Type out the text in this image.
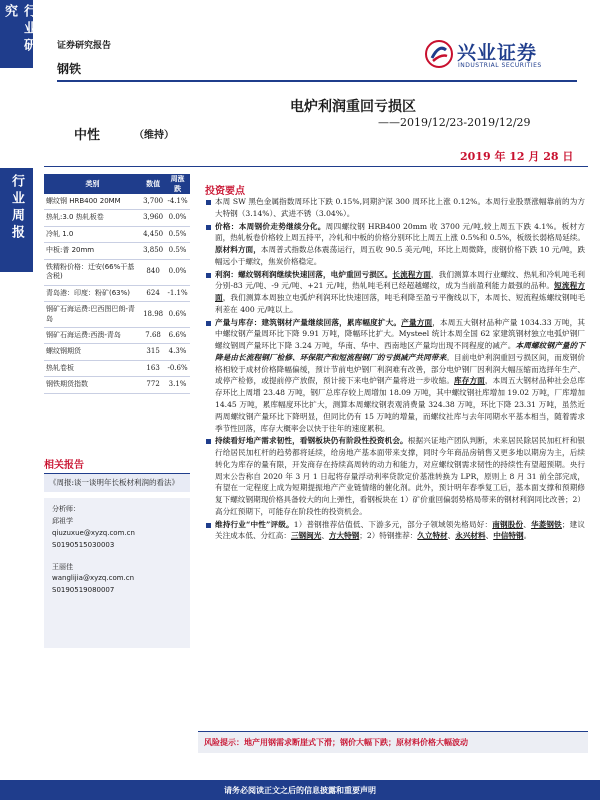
行业研究
行业周报
证券研究报告
钢铁
兴业证券
INDUSTRIAL SECURITIES
电炉利润重回亏损区
——2019/12/23-2019/12/29
中性	（维持）
2019 年 12 月 28 日
类别	数值	周涨跌
螺纹钢 HRB400 20MM	3,700	-4.1%
热轧:3.0 热轧板卷	3,960	0.0%
冷轧 1.0	4,450	0.5%
中板:普 20mm	3,850	0.5%
铁精粉价格：迁安(66%干基含税)	840	0.0%
青岛港：印度：粉矿(63%)	624	-1.1%
钢矿石海运费:巴西图巴朗-青岛	18.98	0.6%
钢矿石海运费:西澳-青岛	7.68	6.6%
螺纹钢期货	315	4.3%
热轧卷板	163	-0.6%
钢铁期货指数	772	3.1%
相关报告
《周报:谈一谈明年长板材利润的看法》
分析师：
邱祖学
qiuzuxue@xyzq.com.cn
S0190515030003
王丽佳
wanglijia@xyzq.com.cn
S0190519080007
投资要点
本周 SW 黑色金属指数周环比下跌 0.15%,同期沪深 300 周环比上涨 0.12%。本周行业股票涨幅靠前的为方大特钢（3.14%）、武进不锈（3.04%）。
价格：本周钢价走势继续分化。周四螺纹钢 HRB400 20mm 收 3700 元/吨,较上周五下跌 4.1%。板材方面，热轧板卷价格较上周五持平，冷轧和中板的价格分别环比上周五上涨 0.5%和 0.5%，板级长弱格局延续。原材料方面，本周普式指数总体震荡运行，周五收 90.5 美元/吨，环比上周微降，废钢价格下跌 10 元/吨，跌幅远小于螺纹，焦炭价格稳定。
利润：螺纹钢利润继续快速回落，电炉重回亏损区。长流程方面，我们测算本周行业螺纹、热轧和冷轧吨毛利分别-83 元/吨、-9 元/吨、+21 元/吨，热轧吨毛利已经超越螺纹，成为当前盈利能力最强的品种。短流程方面，我们测算本周独立电弧炉利润环比快速回落，吨毛利降至盈亏平衡线以下，本周长、短流程炼螺纹钢吨毛利差在 400 元/吨以上。
产量与库存：建筑钢材产量继续回落，累库幅度扩大。产量方面，本周五大钢材品种产量 1034.33 万吨，其中螺纹钢产量周环比下降 9.91 万吨，降幅环比扩大。Mysteel 统计本周全国 62 家建筑钢材独立电弧炉钢厂螺纹钢周产量环比下降 3.24 万吨，华南、华中、西南地区产量均出现不同程度的减产。本周螺纹钢产量的下降是由长流程钢厂检修、环保限产和短流程钢厂的亏损减产共同带来。目前电炉利润重回亏损区间，而废钢价格相较于成材价格降幅偏缓，预计节前电炉钢厂利润难有改善，部分电炉钢厂因利润大幅压缩而选择年生产、或停产检修，或提前停产放假，预计接下来电炉钢产量将进一步收缩。库存方面，本周五大钢材品种社会总库存环比上周增 23.48 万吨，钢厂总库存较上周增加 18.09 万吨，其中螺纹钢社库增加 19.02 万吨，厂库增加 14.45 万吨，累库幅度环比扩大，测算本周螺纹钢表观消费量 324.38 万吨，环比下降 23.31 万吨，虽然近两周螺纹钢产量环比下降明显，但同比仍有 15 万吨的增量，而螺纹社库与去年同期水平基本相当，随着需求季节性回落，库存大概率会以快于往年的速度累积。
持续看好地产需求韧性，看钢板块仍有阶段性投资机会。根据兴证地产团队判断，未来居民除居民加杠杆和银行给居民加杠杆的趋势都将延续，给房地产基本面带来支撑，同时今年商品房销售又更多地以期房为主，后续转化为库存的量有限，开发商存在持续高周转的动力和能力，对应螺纹钢需求韧性的持续性有望超预期。央行周末公告称自 2020 年 3 月 1 日起将存量浮动利率贷款定价基准转换为 LPR，原则上 8 月 31 前全部完成，有望在一定程度上成为短期提振地产产业链情绪的催化剂。此外，预计明年春季复工后，基本面支撑和预期修复下螺纹钢期现价格具备较大的向上弹性，看钢板块在 1）矿价重回偏弱势格局带来的钢材利润同比改善；2）高分红预期下，可能存在阶段性的投资机会。
维持行业“中性”评级。1）普钢推荐估值低、下游多元，部分子领域领先格局好：南钢股份、华菱钢铁；建议关注成本低、分红高：三钢闽光、方大特钢；2）特钢推荐：久立特材、永兴材料、中信特钢。
风险提示：地产用钢需求断崖式下滑；钢价大幅下跌；原材料价格大幅波动
请务必阅读正文之后的信息披露和重要声明
